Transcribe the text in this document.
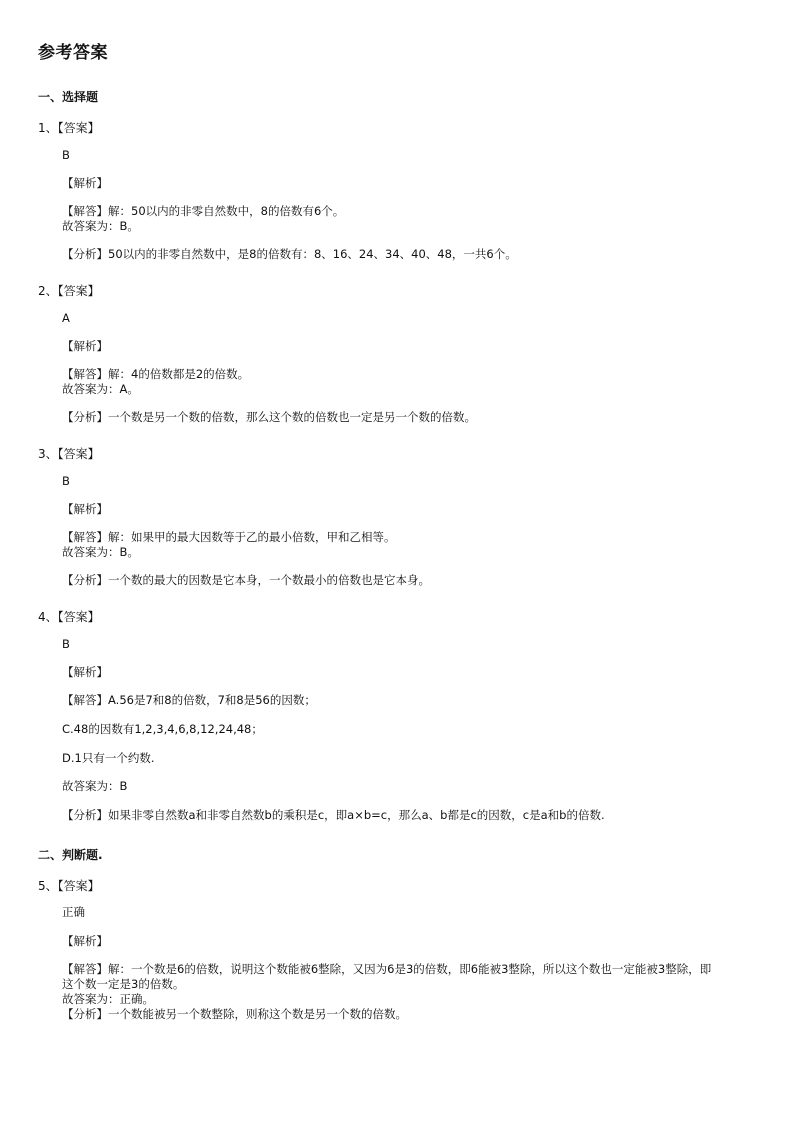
参考答案
一、选择题
1、【答案】
B
【解析】
【解答】解：50以内的非零自然数中，8的倍数有6个。
故答案为：B。
【分析】50以内的非零自然数中，是8的倍数有：8、16、24、34、40、48，一共6个。
2、【答案】
A
【解析】
【解答】解：4的倍数都是2的倍数。
故答案为：A。
【分析】一个数是另一个数的倍数，那么这个数的倍数也一定是另一个数的倍数。
3、【答案】
B
【解析】
【解答】解：如果甲的最大因数等于乙的最小倍数，甲和乙相等。
故答案为：B。
【分析】一个数的最大的因数是它本身，一个数最小的倍数也是它本身。
4、【答案】
B
【解析】
【解答】A.56是7和8的倍数，7和8是56的因数；
C.48的因数有1,2,3,4,6,8,12,24,48；
D.1只有一个约数.
故答案为：B
【分析】如果非零自然数a和非零自然数b的乘积是c，即a×b=c，那么a、b都是c的因数，c是a和b的倍数.
二、判断题.
5、【答案】
正确
【解析】
【解答】解：一个数是6的倍数，说明这个数能被6整除，又因为6是3的倍数，即6能被3整除，所以这个数也一定能被3整除，即这个数一定是3的倍数。
故答案为：正确。
【分析】一个数能被另一个数整除，则称这个数是另一个数的倍数。
